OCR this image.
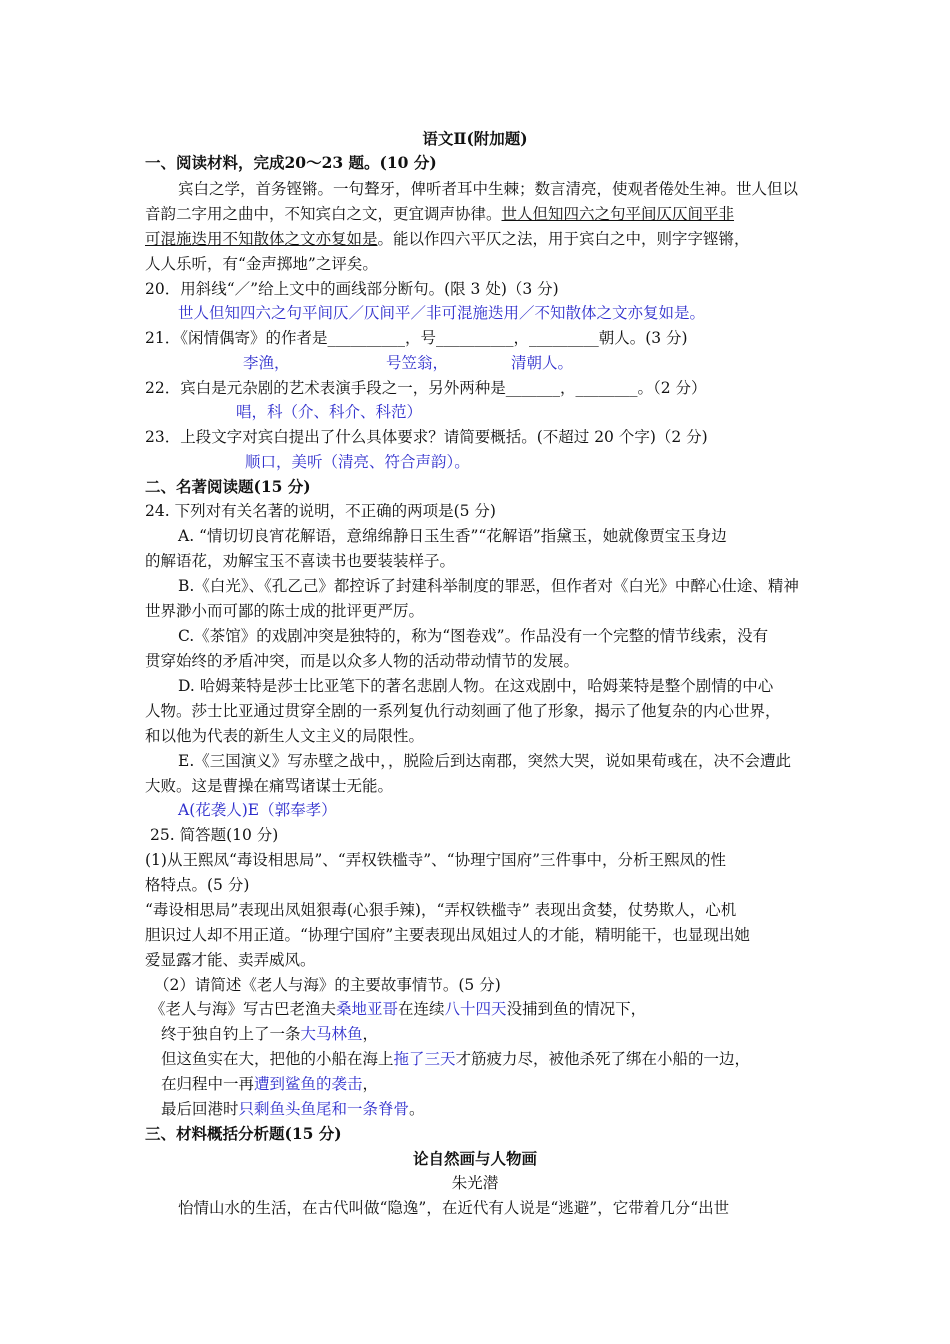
语文Ⅱ(附加题)
一、阅读材料，完成20～23 题。(10 分)
宾白之学，首务铿锵。一句聱牙，俾听者耳中生棘；数言清亮，使观者倦处生神。世人但以
音韵二字用之曲中，不知宾白之文，更宜调声协律。世人但知四六之句平间仄仄间平非
可混施迭用不知散体之文亦复如是。能以作四六平仄之法，用于宾白之中，则字字铿锵，
人人乐听，有“金声掷地”之评矣。
20．用斜线“／”给上文中的画线部分断句。(限 3 处)（3 分)
世人但知四六之句平间仄／仄间平／非可混施迭用／不知散体之文亦复如是。
21．《闲情偶寄》的作者是__________，号__________，_________朝人。(3 分)
李渔，	号笠翁，	清朝人。
22．宾白是元杂剧的艺术表演手段之一，另外两种是_______，________。（2 分）
唱，科（介、科介、科范）
23．上段文字对宾白提出了什么具体要求？请简要概括。(不超过 20 个字)（2 分)
顺口，美听（清亮、符合声韵）。
二、名著阅读题(15 分)
24. 下列对有关名著的说明，不正确的两项是(5 分)
A. “情切切良宵花解语，意绵绵静日玉生香”“花解语”指黛玉，她就像贾宝玉身边
的解语花，劝解宝玉不喜读书也要装装样子。
B.《白光》、《孔乙己》都控诉了封建科举制度的罪恶，但作者对《白光》中醉心仕途、精神
世界渺小而可鄙的陈士成的批评更严厉。
C.《茶馆》的戏剧冲突是独特的，称为“图卷戏”。作品没有一个完整的情节线索，没有
贯穿始终的矛盾冲突，而是以众多人物的活动带动情节的发展。
D. 哈姆莱特是莎士比亚笔下的著名悲剧人物。在这戏剧中，哈姆莱特是整个剧情的中心
人物。莎士比亚通过贯穿全剧的一系列复仇行动刻画了他了形象，揭示了他复杂的内心世界，
和以他为代表的新生人文主义的局限性。
E.《三国演义》写赤壁之战中，，脱险后到达南郡，突然大哭，说如果荀彧在，决不会遭此
大败。这是曹操在痛骂诸谋士无能。
A(花袭人)E（郭奉孝）
25. 简答题(10 分)
(1)从王熙凤“毒设相思局”、“弄权铁槛寺”、“协理宁国府”三件事中，分析王熙凤的性
格特点。(5 分)
“毒设相思局”表现出凤姐狠毒(心狠手辣)，“弄权铁槛寺” 表现出贪婪，仗势欺人，心机
胆识过人却不用正道。“协理宁国府”主要表现出凤姐过人的才能，精明能干，也显现出她
爱显露才能、卖弄威风。
（2）请简述《老人与海》的主要故事情节。(5 分)
《老人与海》写古巴老渔夫桑地亚哥在连续八十四天没捕到鱼的情况下，
终于独自钓上了一条大马林鱼，
但这鱼实在大，把他的小船在海上拖了三天才筋疲力尽，被他杀死了绑在小船的一边，
在归程中一再遭到鲨鱼的袭击，
最后回港时只剩鱼头鱼尾和一条脊骨。
三、材料概括分析题(15 分)
论自然画与人物画
朱光潜
怡情山水的生活，在古代叫做“隐逸”，在近代有人说是“逃避”，它带着几分“出世
